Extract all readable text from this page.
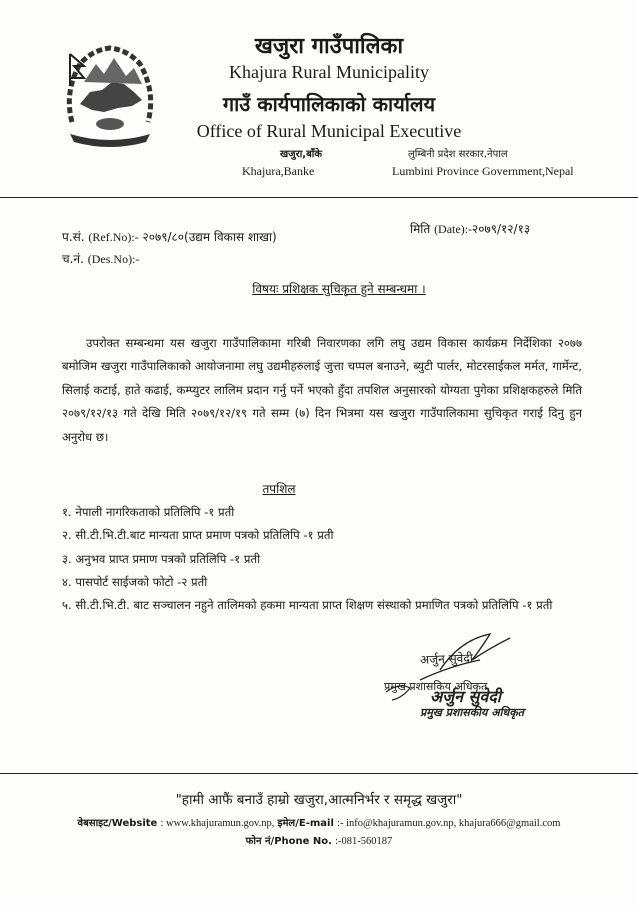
खजुरा गाउँपालिका
Khajura Rural Municipality
गाउँ कार्यपालिकाको कार्यालय
Office of Rural Municipal Executive
खजुरा,बाँके
Khajura,Banke
लुम्बिनी प्रदेश सरकार,नेपाल
Lumbini Province Government,Nepal
प.सं. (Ref.No):- २०७९/८०(उद्यम विकास शाखा)
मिति (Date):-२०७९/१२/१३
च.नं. (Des.No):-
विषयः प्रशिक्षक सुचिकृत हुने सम्बन्धमा ।

उपरोक्त सम्बन्धमा यस खजुरा गाउँपालिकामा गरिबी निवारणका लगि लघु उद्यम विकास कार्यक्रम निर्देशिका २०७७ बमोजिम खजुरा गाउँपालिकाको आयोजनामा लघु उद्यमीहरुलाई जुत्ता चप्पल बनाउने, ब्युटी पार्लर, मोटरसाईकल मर्मत, गार्मेन्ट, सिलाई कटाई, हाते कढाई, कम्प्युटर लालिम प्रदान गर्नु पर्ने भएको हुँदा तपशिल अनुसारको योग्यता पुगेका प्रशिक्षकहरुले मिति २०७९/१२/१३ गते देखि मिति २०७९/१२/१९ गते सम्म (७) दिन भित्रमा यस खजुरा गाउँपालिकामा सुचिकृत गराई दिनु हुन अनुरोध छ।

तपशिल
१. नेपाली नागरिकताको प्रतिलिपि -१ प्रती
२. सी.टी.भि.टी.बाट मान्यता प्राप्त प्रमाण पत्रको प्रतिलिपि -१ प्रती
३. अनुभव प्राप्त प्रमाण पत्रको प्रतिलिपि -१ प्रती
४. पासपोर्ट साईजको फोटो -२ प्रती
५. सी.टी.भि.टी. बाट सञ्चालन नहुने तालिमको हकमा मान्यता प्राप्त शिक्षण संस्थाको प्रमाणित पत्रको प्रतिलिपि -१ प्रती
अर्जुन सुवेदी
प्रमुख प्रशासकिय अधिकृत
अर्जुन सुवेदी
प्रमुख प्रशासकीय अधिकृत
"हामी आफैं बनाउँ हाम्रो खजुरा,आत्मनिर्भर र समृद्ध खजुरा"
वेबसाइट/Website : www.khajuramun.gov.np, इमेल/E-mail :- info@khajuramun.gov.np, khajura666@gmail.com
फोन नं/Phone No. :-081-560187
